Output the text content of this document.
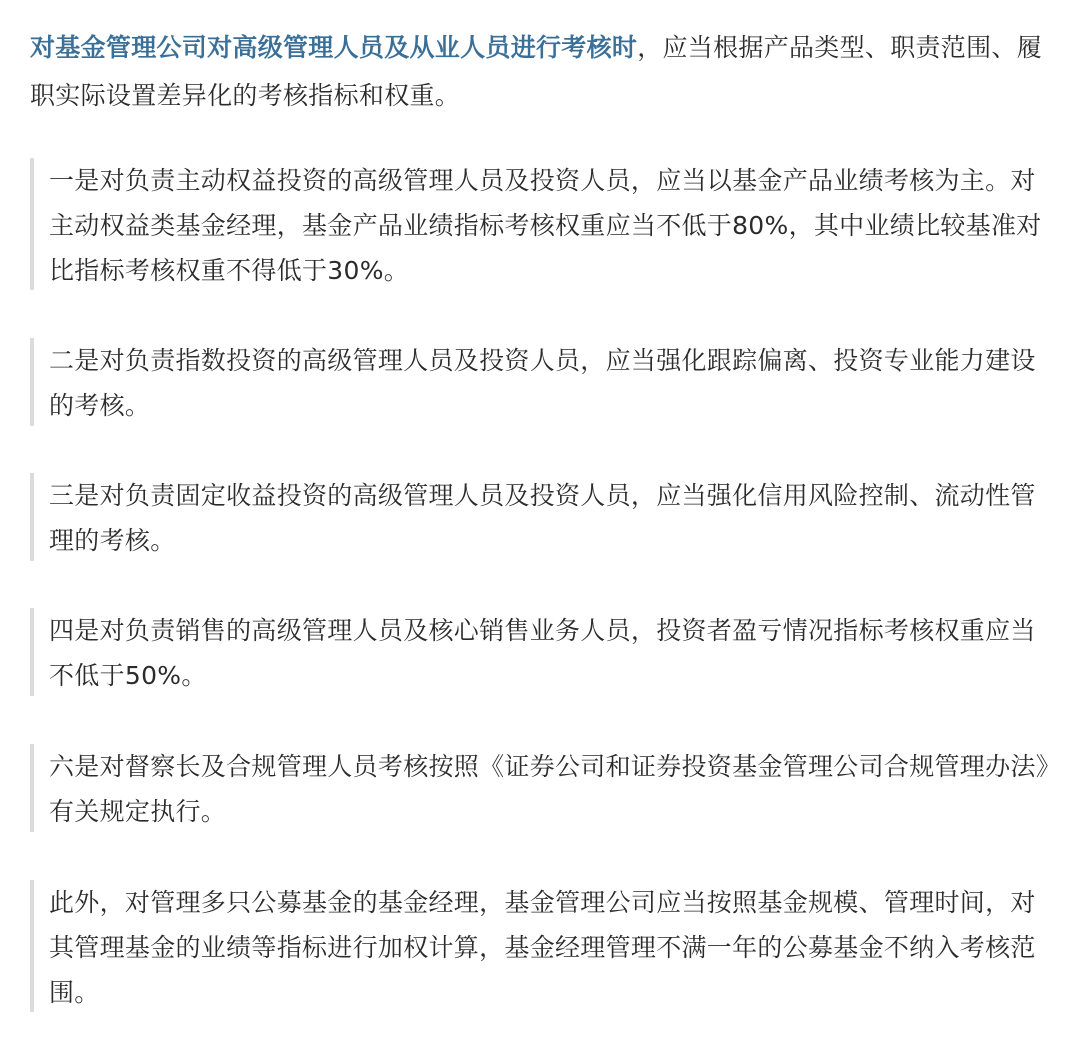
对基金管理公司对高级管理人员及从业人员进行考核时，应当根据产品类型、职责范围、履职实际设置差异化的考核指标和权重。

一是对负责主动权益投资的高级管理人员及投资人员，应当以基金产品业绩考核为主。对主动权益类基金经理，基金产品业绩指标考核权重应当不低于80%，其中业绩比较基准对比指标考核权重不得低于30%。

二是对负责指数投资的高级管理人员及投资人员，应当强化跟踪偏离、投资专业能力建设的考核。

三是对负责固定收益投资的高级管理人员及投资人员，应当强化信用风险控制、流动性管理的考核。

四是对负责销售的高级管理人员及核心销售业务人员，投资者盈亏情况指标考核权重应当不低于50%。

六是对督察长及合规管理人员考核按照《证券公司和证券投资基金管理公司合规管理办法》有关规定执行。

此外，对管理多只公募基金的基金经理，基金管理公司应当按照基金规模、管理时间，对其管理基金的业绩等指标进行加权计算，基金经理管理不满一年的公募基金不纳入考核范围。
